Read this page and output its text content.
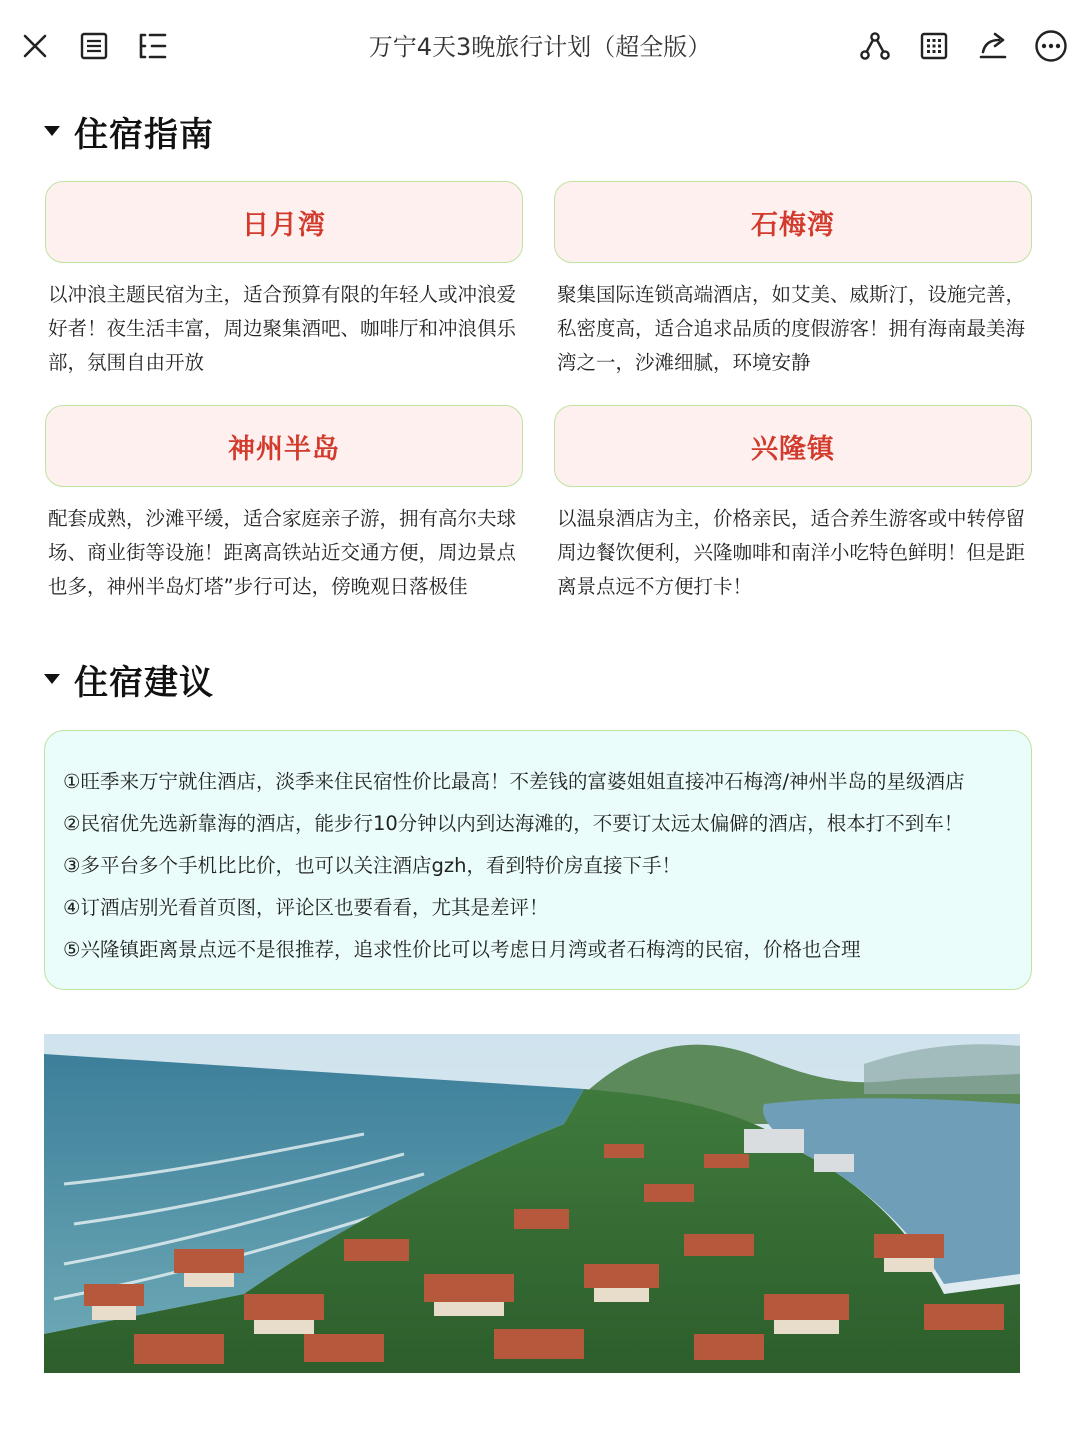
万宁4天3晚旅行计划（超全版）
住宿指南
日月湾
以冲浪主题民宿为主，适合预算有限的年轻人或冲浪爱好者！夜生活丰富，周边聚集酒吧、咖啡厅和冲浪俱乐部，氛围自由开放
石梅湾
聚集国际连锁高端酒店，如艾美、威斯汀，设施完善，私密度高，适合追求品质的度假游客！拥有海南最美海湾之一，沙滩细腻，环境安静
神州半岛
配套成熟，沙滩平缓，适合家庭亲子游，拥有高尔夫球场、商业街等设施！距离高铁站近交通方便，周边景点也多，神州半岛灯塔”步行可达，傍晚观日落极佳
兴隆镇
以温泉酒店为主，价格亲民，适合养生游客或中转停留周边餐饮便利，兴隆咖啡和南洋小吃特色鲜明！但是距离景点远不方便打卡！
住宿建议
①旺季来万宁就住酒店，淡季来住民宿性价比最高！不差钱的富婆姐姐直接冲石梅湾/神州半岛的星级酒店
②民宿优先选新靠海的酒店，能步行10分钟以内到达海滩的，不要订太远太偏僻的酒店，根本打不到车！
③多平台多个手机比比价，也可以关注酒店gzh，看到特价房直接下手！
④订酒店别光看首页图，评论区也要看看，尤其是差评！
⑤兴隆镇距离景点远不是很推荐，追求性价比可以考虑日月湾或者石梅湾的民宿，价格也合理
